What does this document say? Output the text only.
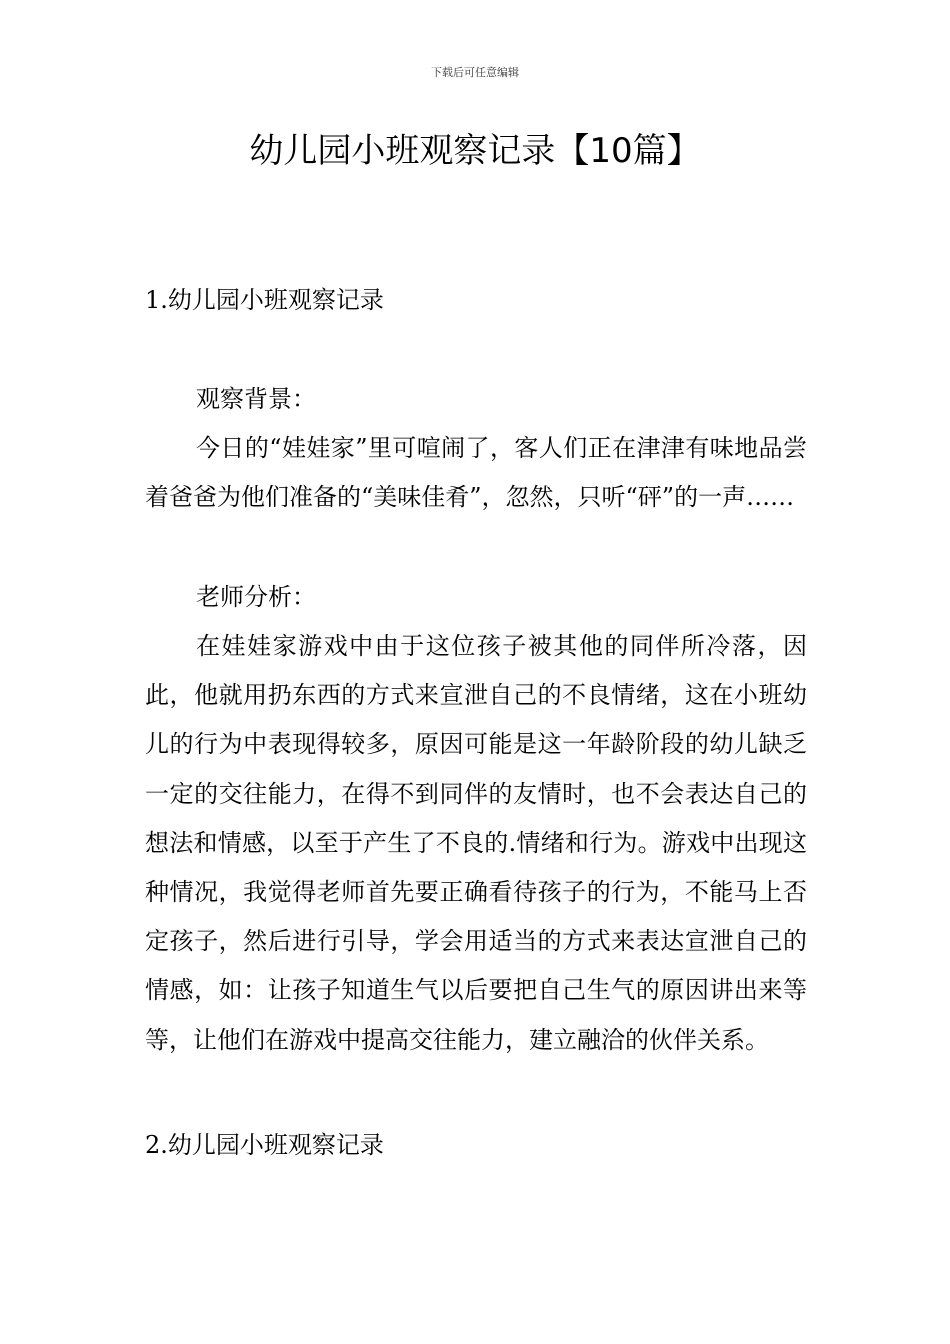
下载后可任意编辑
幼儿园小班观察记录【10篇】
1.幼儿园小班观察记录

观察背景：

今日的“娃娃家”里可喧闹了，客人们正在津津有味地品尝着爸爸为他们准备的“美味佳肴”，忽然，只听“砰”的一声……

老师分析：

在娃娃家游戏中由于这位孩子被其他的同伴所冷落，因此，他就用扔东西的方式来宣泄自己的不良情绪，这在小班幼儿的行为中表现得较多，原因可能是这一年龄阶段的幼儿缺乏一定的交往能力，在得不到同伴的友情时，也不会表达自己的想法和情感，以至于产生了不良的.情绪和行为。游戏中出现这种情况，我觉得老师首先要正确看待孩子的行为，不能马上否定孩子，然后进行引导，学会用适当的方式来表达宣泄自己的情感，如：让孩子知道生气以后要把自己生气的原因讲出来等等，让他们在游戏中提高交往能力，建立融洽的伙伴关系。

2.幼儿园小班观察记录
